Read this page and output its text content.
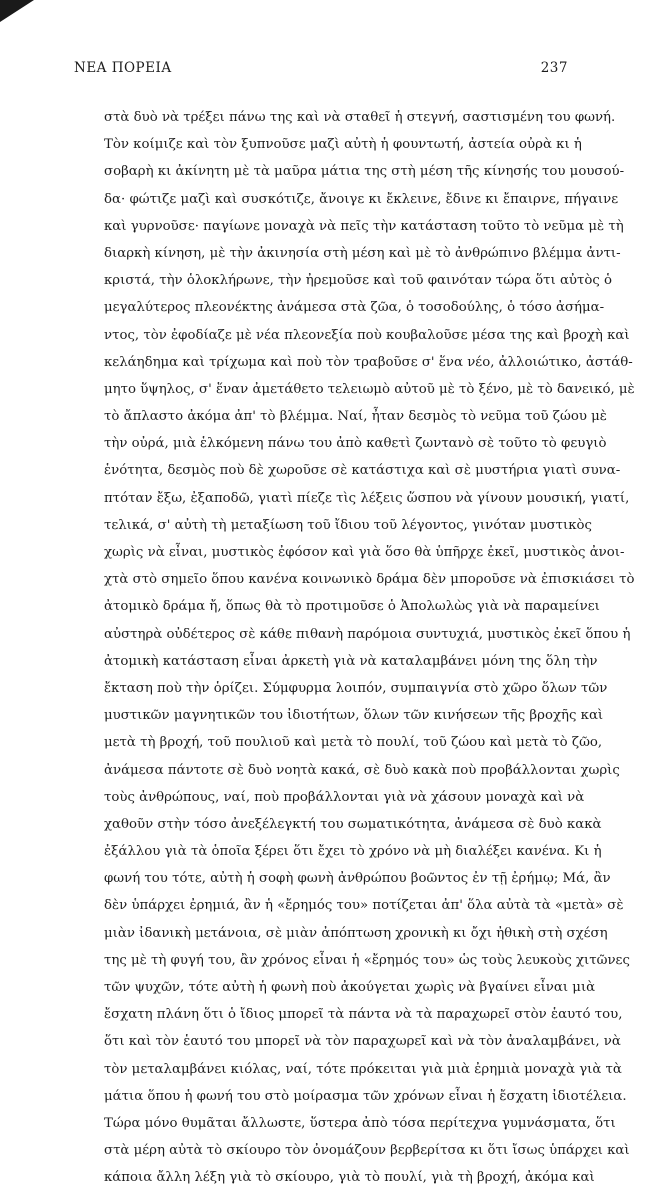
ΝΕΑ ΠΟΡΕΙΑ	237
στὰ δυὸ νὰ τρέξει πάνω της καὶ νὰ σταθεῖ ἡ στεγνή, σαστισμένη του φωνή.
Τὸν κοίμιζε καὶ τὸν ξυπνοῦσε μαζὶ αὐτὴ ἡ φουντωτή, ἀστεία οὐρὰ κι ἡ
σοβαρὴ κι ἀκίνητη μὲ τὰ μαῦρα μάτια της στὴ μέση τῆς κίνησής του μουσού-
δα· φώτιζε μαζὶ καὶ συσκότιζε, ἄνοιγε κι ἔκλεινε, ἔδινε κι ἔπαιρνε, πήγαινε
καὶ γυρνοῦσε· παγίωνε μοναχὰ νὰ πεῖς τὴν κατάσταση τοῦτο τὸ νεῦμα μὲ τὴ
διαρκὴ κίνηση, μὲ τὴν ἀκινησία στὴ μέση καὶ μὲ τὸ ἀνθρώπινο βλέμμα ἀντι-
κριστά, τὴν ὁλοκλήρωνε, τὴν ἠρεμοῦσε καὶ τοῦ φαινόταν τώρα ὅτι αὐτὸς ὁ
μεγαλύτερος πλεονέκτης ἀνάμεσα στὰ ζῶα, ὁ τοσοδούλης, ὁ τόσο ἀσήμα-
ντος, τὸν ἐφοδίαζε μὲ νέα πλεονεξία ποὺ κουβαλοῦσε μέσα της καὶ βροχὴ καὶ
κελάηδημα καὶ τρίχωμα καὶ ποὺ τὸν τραβοῦσε σ' ἕνα νέο, ἀλλοιώτικο, ἀστάθ-
μητο ὕψηλος, σ' ἕναν ἀμετάθετο τελειωμὸ αὐτοῦ μὲ τὸ ξένο, μὲ τὸ δανεικό, μὲ
τὸ ἄπλαστο ἀκόμα ἀπ' τὸ βλέμμα. Ναί, ἦταν δεσμὸς τὸ νεῦμα τοῦ ζώου μὲ
τὴν οὐρά, μιὰ ἑλκόμενη πάνω του ἀπὸ καθετὶ ζωντανὸ σὲ τοῦτο τὸ φευγιὸ
ἑνότητα, δεσμὸς ποὺ δὲ χωροῦσε σὲ κατάστιχα καὶ σὲ μυστήρια γιατὶ συνα-
πτόταν ἔξω, ἐξαποδῶ, γιατὶ πίεζε τὶς λέξεις ὥσπου νὰ γίνουν μουσική, γιατί,
τελικά, σ' αὐτὴ τὴ μεταξίωση τοῦ ἴδιου τοῦ λέγοντος, γινόταν μυστικὸς
χωρὶς νὰ εἶναι, μυστικὸς ἐφόσον καὶ γιὰ ὅσο θὰ ὑπῆρχε ἐκεῖ, μυστικὸς ἀνοι-
χτὰ στὸ σημεῖο ὅπου κανένα κοινωνικὸ δράμα δὲν μποροῦσε νὰ ἐπισκιάσει τὸ
ἀτομικὸ δράμα ἤ, ὅπως θὰ τὸ προτιμοῦσε ὁ Ἀπολωλὼς γιὰ νὰ παραμείνει
αὐστηρὰ οὐδέτερος σὲ κάθε πιθανὴ παρόμοια συντυχιά, μυστικὸς ἐκεῖ ὅπου ἡ
ἀτομικὴ κατάσταση εἶναι ἀρκετὴ γιὰ νὰ καταλαμβάνει μόνη της ὅλη τὴν
ἔκταση ποὺ τὴν ὁρίζει. Σύμφυρμα λοιπόν, συμπαιγνία στὸ χῶρο ὅλων τῶν
μυστικῶν μαγνητικῶν του ἰδιοτήτων, ὅλων τῶν κινήσεων τῆς βροχῆς καὶ
μετὰ τὴ βροχή, τοῦ πουλιοῦ καὶ μετὰ τὸ πουλί, τοῦ ζώου καὶ μετὰ τὸ ζῶο,
ἀνάμεσα πάντοτε σὲ δυὸ νοητὰ κακά, σὲ δυὸ κακὰ ποὺ προβάλλονται χωρὶς
τοὺς ἀνθρώπους, ναί, ποὺ προβάλλονται γιὰ νὰ χάσουν μοναχὰ καὶ νὰ
χαθοῦν στὴν τόσο ἀνεξέλεγκτή του σωματικότητα, ἀνάμεσα σὲ δυὸ κακὰ
ἐξάλλου γιὰ τὰ ὁποῖα ξέρει ὅτι ἔχει τὸ χρόνο νὰ μὴ διαλέξει κανένα. Κι ἡ
φωνή του τότε, αὐτὴ ἡ σοφὴ φωνὴ ἀνθρώπου βοῶντος ἐν τῇ ἐρήμῳ; Μά, ἂν
δὲν ὑπάρχει ἐρημιά, ἂν ἡ «ἔρημός του» ποτίζεται ἀπ' ὅλα αὐτὰ τὰ «μετὰ» σὲ
μιὰν ἰδανικὴ μετάνοια, σὲ μιὰν ἀπόπτωση χρονικὴ κι ὄχι ἠθικὴ στὴ σχέση
της μὲ τὴ φυγή του, ἂν χρόνος εἶναι ἡ «ἔρημός του» ὡς τοὺς λευκοὺς χιτῶνες
τῶν ψυχῶν, τότε αὐτὴ ἡ φωνὴ ποὺ ἀκούγεται χωρὶς νὰ βγαίνει εἶναι μιὰ
ἔσχατη πλάνη ὅτι ὁ ἴδιος μπορεῖ τὰ πάντα νὰ τὰ παραχωρεῖ στὸν ἑαυτό του,
ὅτι καὶ τὸν ἑαυτό του μπορεῖ νὰ τὸν παραχωρεῖ καὶ νὰ τὸν ἀναλαμβάνει, νὰ
τὸν μεταλαμβάνει κιόλας, ναί, τότε πρόκειται γιὰ μιὰ ἐρημιὰ μοναχὰ γιὰ τὰ
μάτια ὅπου ἡ φωνή του στὸ μοίρασμα τῶν χρόνων εἶναι ἡ ἔσχατη ἰδιοτέλεια.
Τώρα μόνο θυμᾶται ἄλλωστε, ὕστερα ἀπὸ τόσα περίτεχνα γυμνάσματα, ὅτι
στὰ μέρη αὐτὰ τὸ σκίουρο τὸν ὀνομάζουν βερβερίτσα κι ὅτι ἴσως ὑπάρχει καὶ
κάποια ἄλλη λέξη γιὰ τὸ σκίουρο, γιὰ τὸ πουλί, γιὰ τὴ βροχή, ἀκόμα καὶ
